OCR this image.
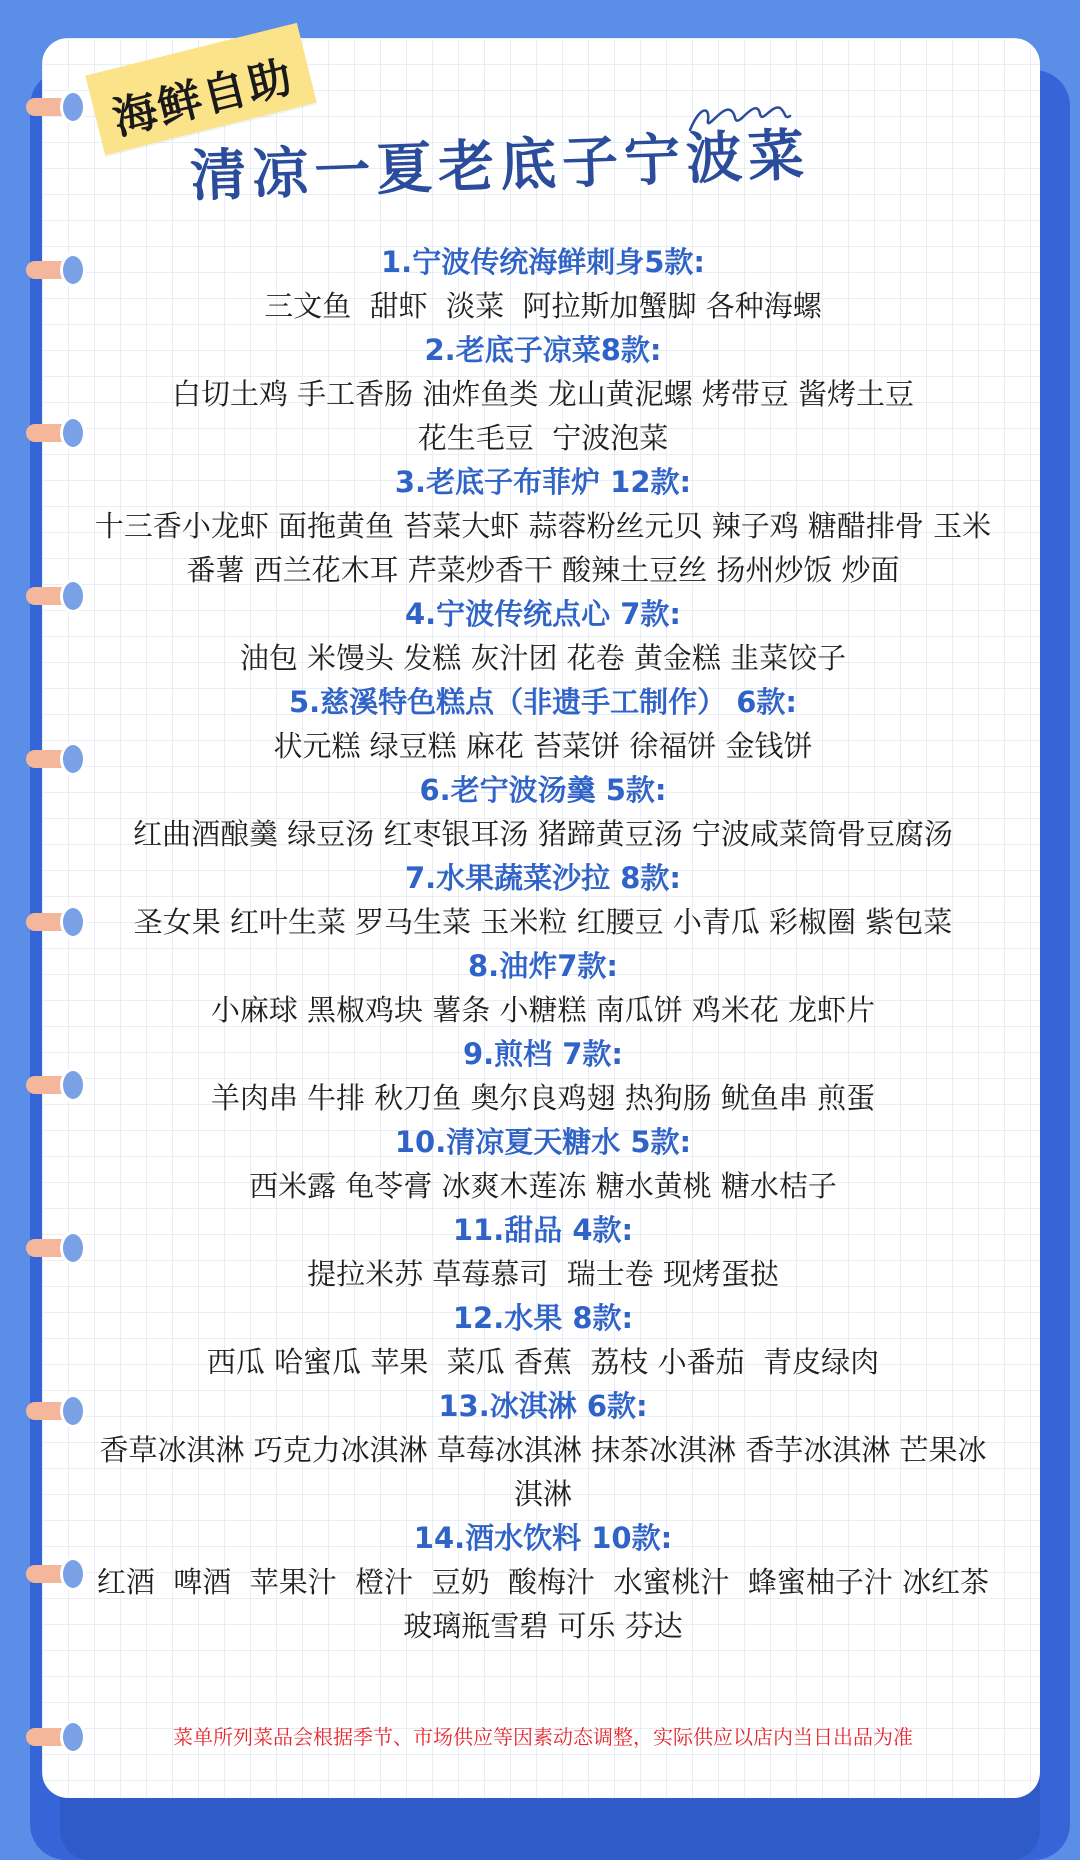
海鲜自助
清凉一夏老底子宁波菜
1.宁波传统海鲜刺身5款:
三文鱼  甜虾  淡菜  阿拉斯加蟹脚 各种海螺
2.老底子凉菜8款:
白切土鸡 手工香肠 油炸鱼类 龙山黄泥螺 烤带豆 酱烤土豆
花生毛豆  宁波泡菜
3.老底子布菲炉 12款:
十三香小龙虾 面拖黄鱼 苔菜大虾 蒜蓉粉丝元贝 辣子鸡 糖醋排骨 玉米
番薯 西兰花木耳 芹菜炒香干 酸辣土豆丝 扬州炒饭 炒面
4.宁波传统点心 7款:
油包 米馒头 发糕 灰汁团 花卷 黄金糕 韭菜饺子
5.慈溪特色糕点（非遗手工制作） 6款:
状元糕 绿豆糕 麻花 苔菜饼 徐福饼 金钱饼
6.老宁波汤羹 5款:
红曲酒酿羹 绿豆汤 红枣银耳汤 猪蹄黄豆汤 宁波咸菜筒骨豆腐汤
7.水果蔬菜沙拉 8款:
圣女果 红叶生菜 罗马生菜 玉米粒 红腰豆 小青瓜 彩椒圈 紫包菜
8.油炸7款:
小麻球 黑椒鸡块 薯条 小糖糕 南瓜饼 鸡米花 龙虾片
9.煎档 7款:
羊肉串 牛排 秋刀鱼 奥尔良鸡翅 热狗肠 鱿鱼串 煎蛋
10.清凉夏天糖水 5款:
西米露 龟苓膏 冰爽木莲冻 糖水黄桃 糖水桔子
11.甜品 4款:
提拉米苏 草莓慕司  瑞士卷 现烤蛋挞
12.水果 8款:
西瓜 哈蜜瓜 苹果  菜瓜 香蕉  荔枝 小番茄  青皮绿肉
13.冰淇淋 6款:
香草冰淇淋 巧克力冰淇淋 草莓冰淇淋 抹茶冰淇淋 香芋冰淇淋 芒果冰
淇淋
14.酒水饮料 10款:
红酒  啤酒  苹果汁  橙汁  豆奶  酸梅汁  水蜜桃汁  蜂蜜柚子汁 冰红茶
玻璃瓶雪碧 可乐 芬达
菜单所列菜品会根据季节、市场供应等因素动态调整，实际供应以店内当日出品为准
